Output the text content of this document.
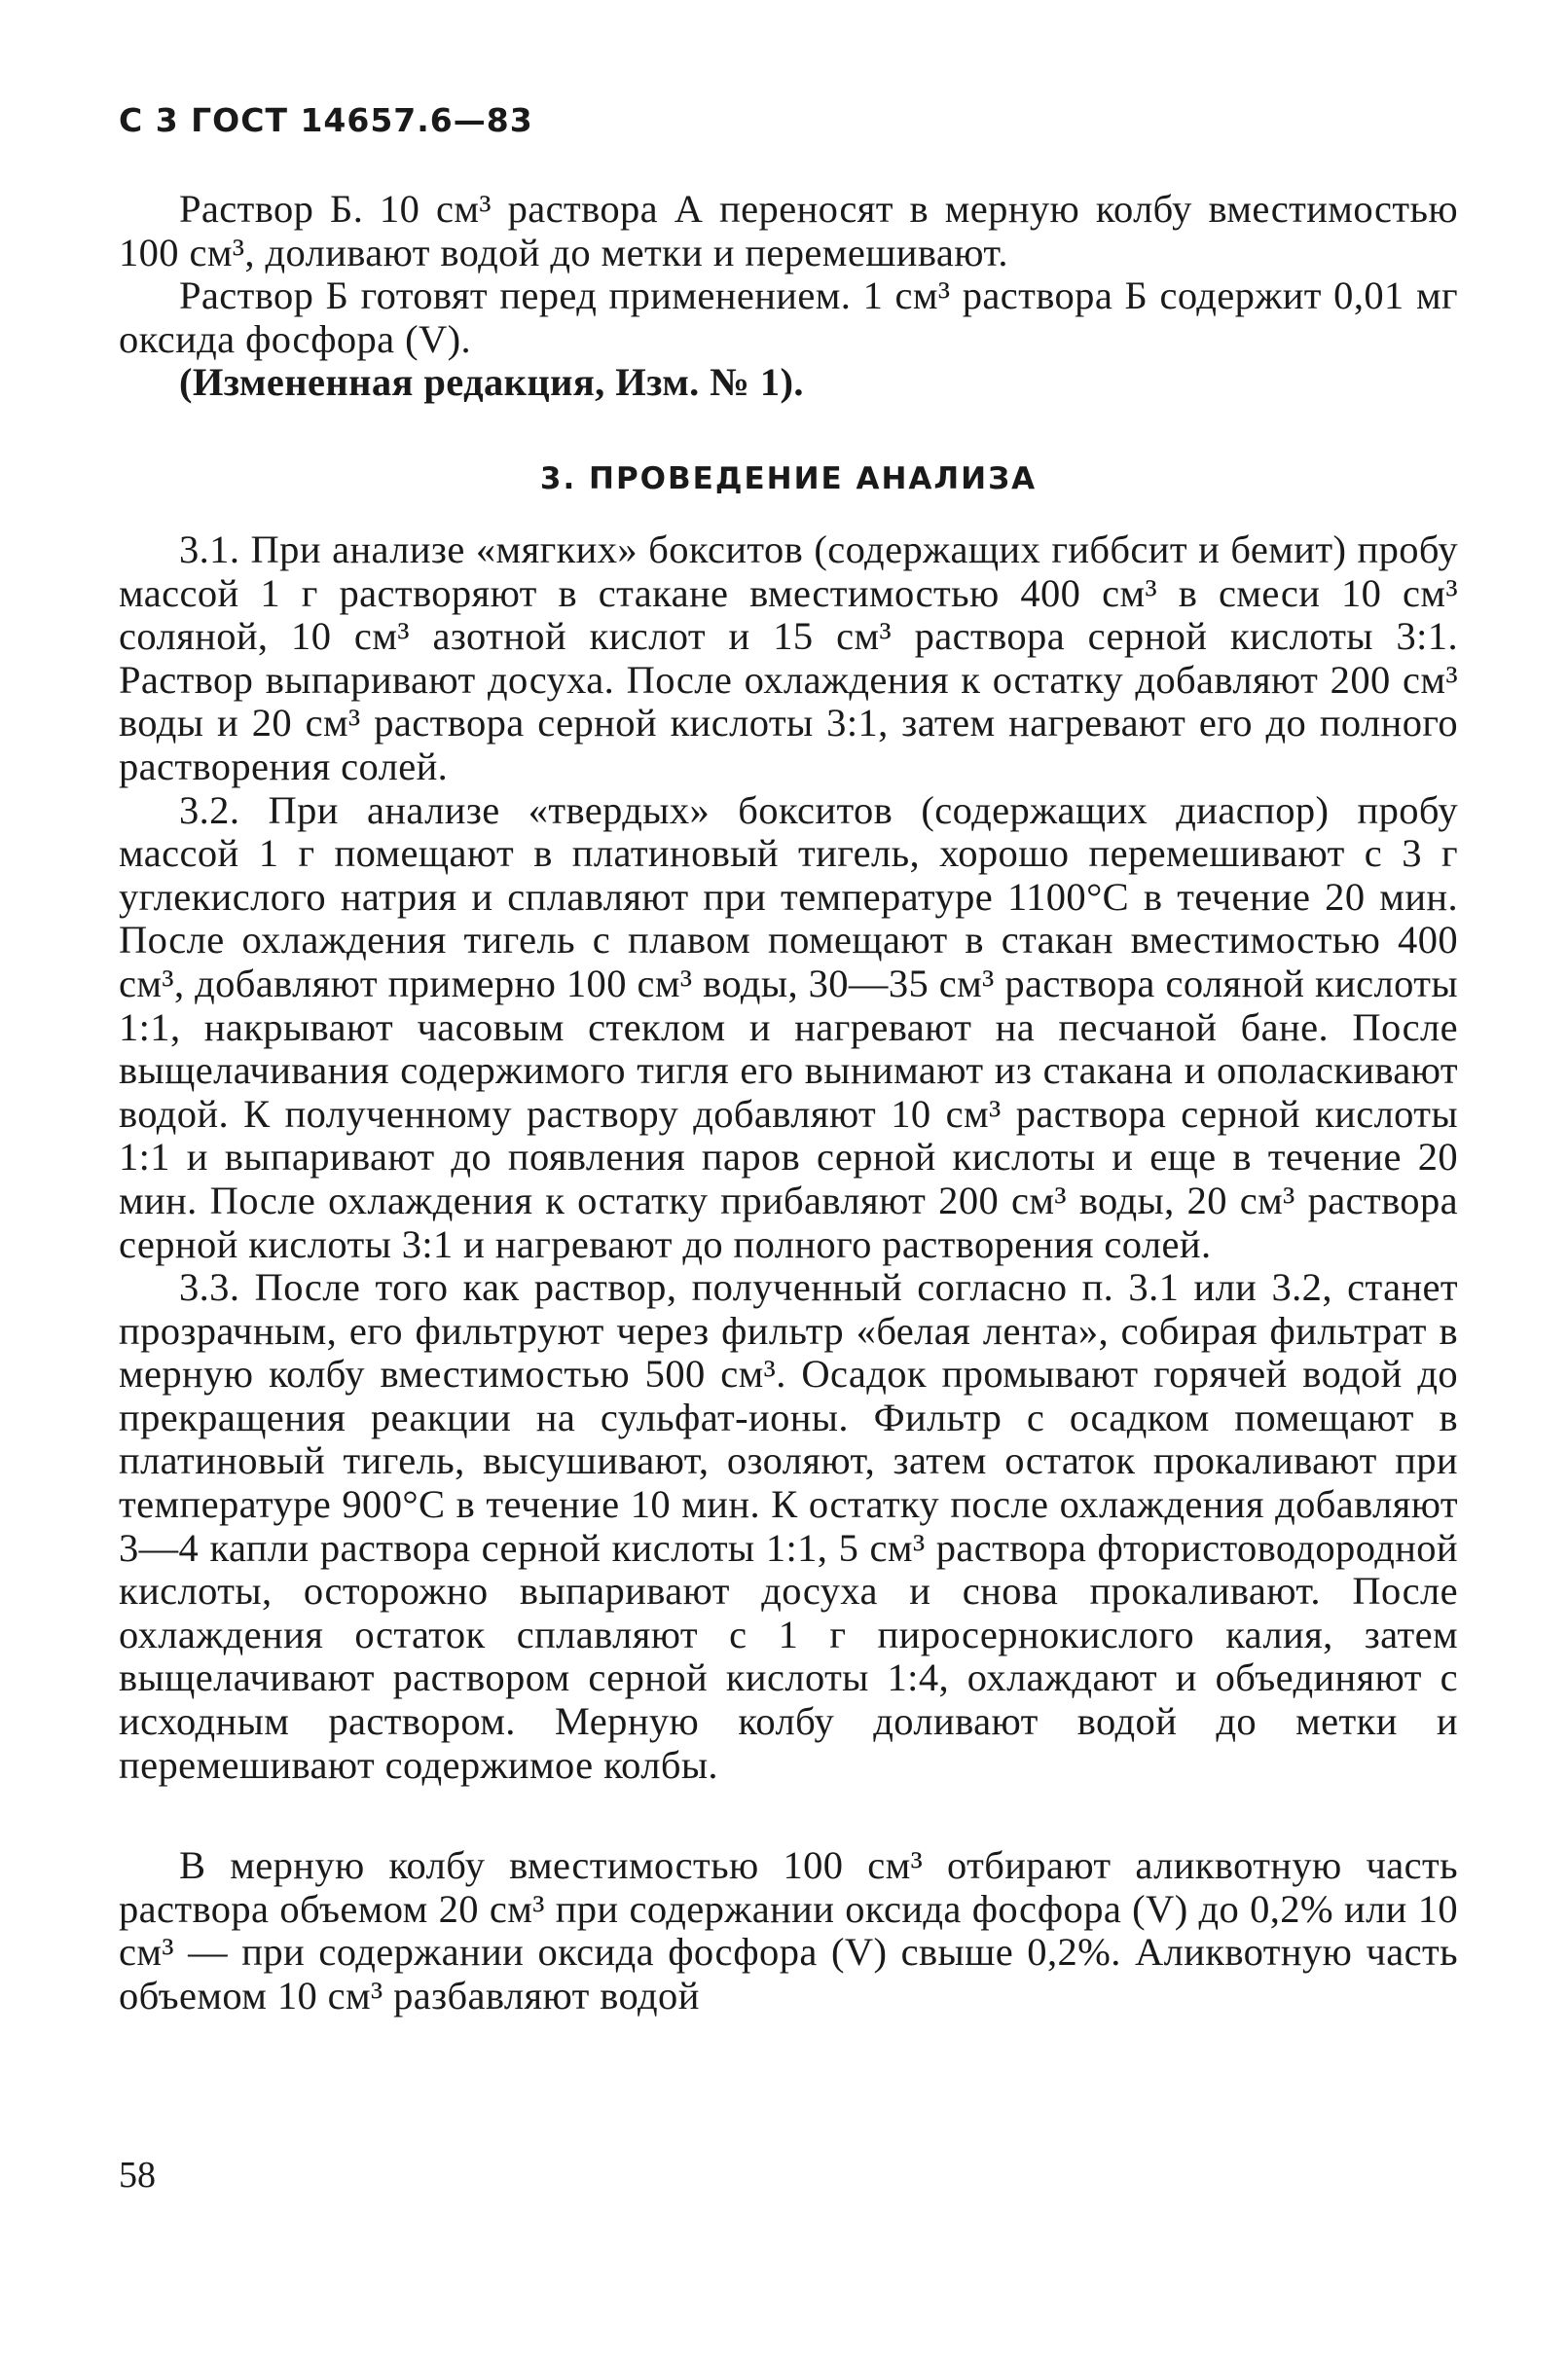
С 3 ГОСТ 14657.6—83

Раствор Б. 10 см³ раствора А переносят в мерную колбу вместимостью 100 см³, доливают водой до метки и перемешивают.

Раствор Б готовят перед применением. 1 см³ раствора Б содержит 0,01 мг оксида фосфора (V).

(Измененная редакция, Изм. № 1).

3. ПРОВЕДЕНИЕ АНАЛИЗА

3.1. При анализе «мягких» бокситов (содержащих гиббсит и бемит) пробу массой 1 г растворяют в стакане вместимостью 400 см³ в смеси 10 см³ соляной, 10 см³ азотной кислот и 15 см³ раствора серной кислоты 3:1. Раствор выпаривают досуха. После охлаждения к остатку добавляют 200 см³ воды и 20 см³ раствора серной кислоты 3:1, затем нагревают его до полного растворения солей.

3.2. При анализе «твердых» бокситов (содержащих диаспор) пробу массой 1 г помещают в платиновый тигель, хорошо перемешивают с 3 г углекислого натрия и сплавляют при температуре 1100°С в течение 20 мин. После охлаждения тигель с плавом помещают в стакан вместимостью 400 см³, добавляют примерно 100 см³ воды, 30—35 см³ раствора соляной кислоты 1:1, накрывают часовым стеклом и нагревают на песчаной бане. После выщелачивания содержимого тигля его вынимают из стакана и ополаскивают водой. К полученному раствору добавляют 10 см³ раствора серной кислоты 1:1 и выпаривают до появления паров серной кислоты и еще в течение 20 мин. После охлаждения к остатку прибавляют 200 см³ воды, 20 см³ раствора серной кислоты 3:1 и нагревают до полного растворения солей.

3.3. После того как раствор, полученный согласно п. 3.1 или 3.2, станет прозрачным, его фильтруют через фильтр «белая лента», собирая фильтрат в мерную колбу вместимостью 500 см³. Осадок промывают горячей водой до прекращения реакции на сульфат-ионы. Фильтр с осадком помещают в платиновый тигель, высушивают, озоляют, затем остаток прокаливают при температуре 900°С в течение 10 мин. К остатку после охлаждения добавляют 3—4 капли раствора серной кислоты 1:1, 5 см³ раствора фтористоводородной кислоты, осторожно выпаривают досуха и снова прокаливают. После охлаждения остаток сплавляют с 1 г пиросернокислого калия, затем выщелачивают раствором серной кислоты 1:4, охлаждают и объединяют с исходным раствором. Мерную колбу доливают водой до метки и перемешивают содержимое колбы.

В мерную колбу вместимостью 100 см³ отбирают аликвотную часть раствора объемом 20 см³ при содержании оксида фосфора (V) до 0,2% или 10 см³ — при содержании оксида фосфора (V) свыше 0,2%. Аликвотную часть объемом 10 см³ разбавляют водой

58
